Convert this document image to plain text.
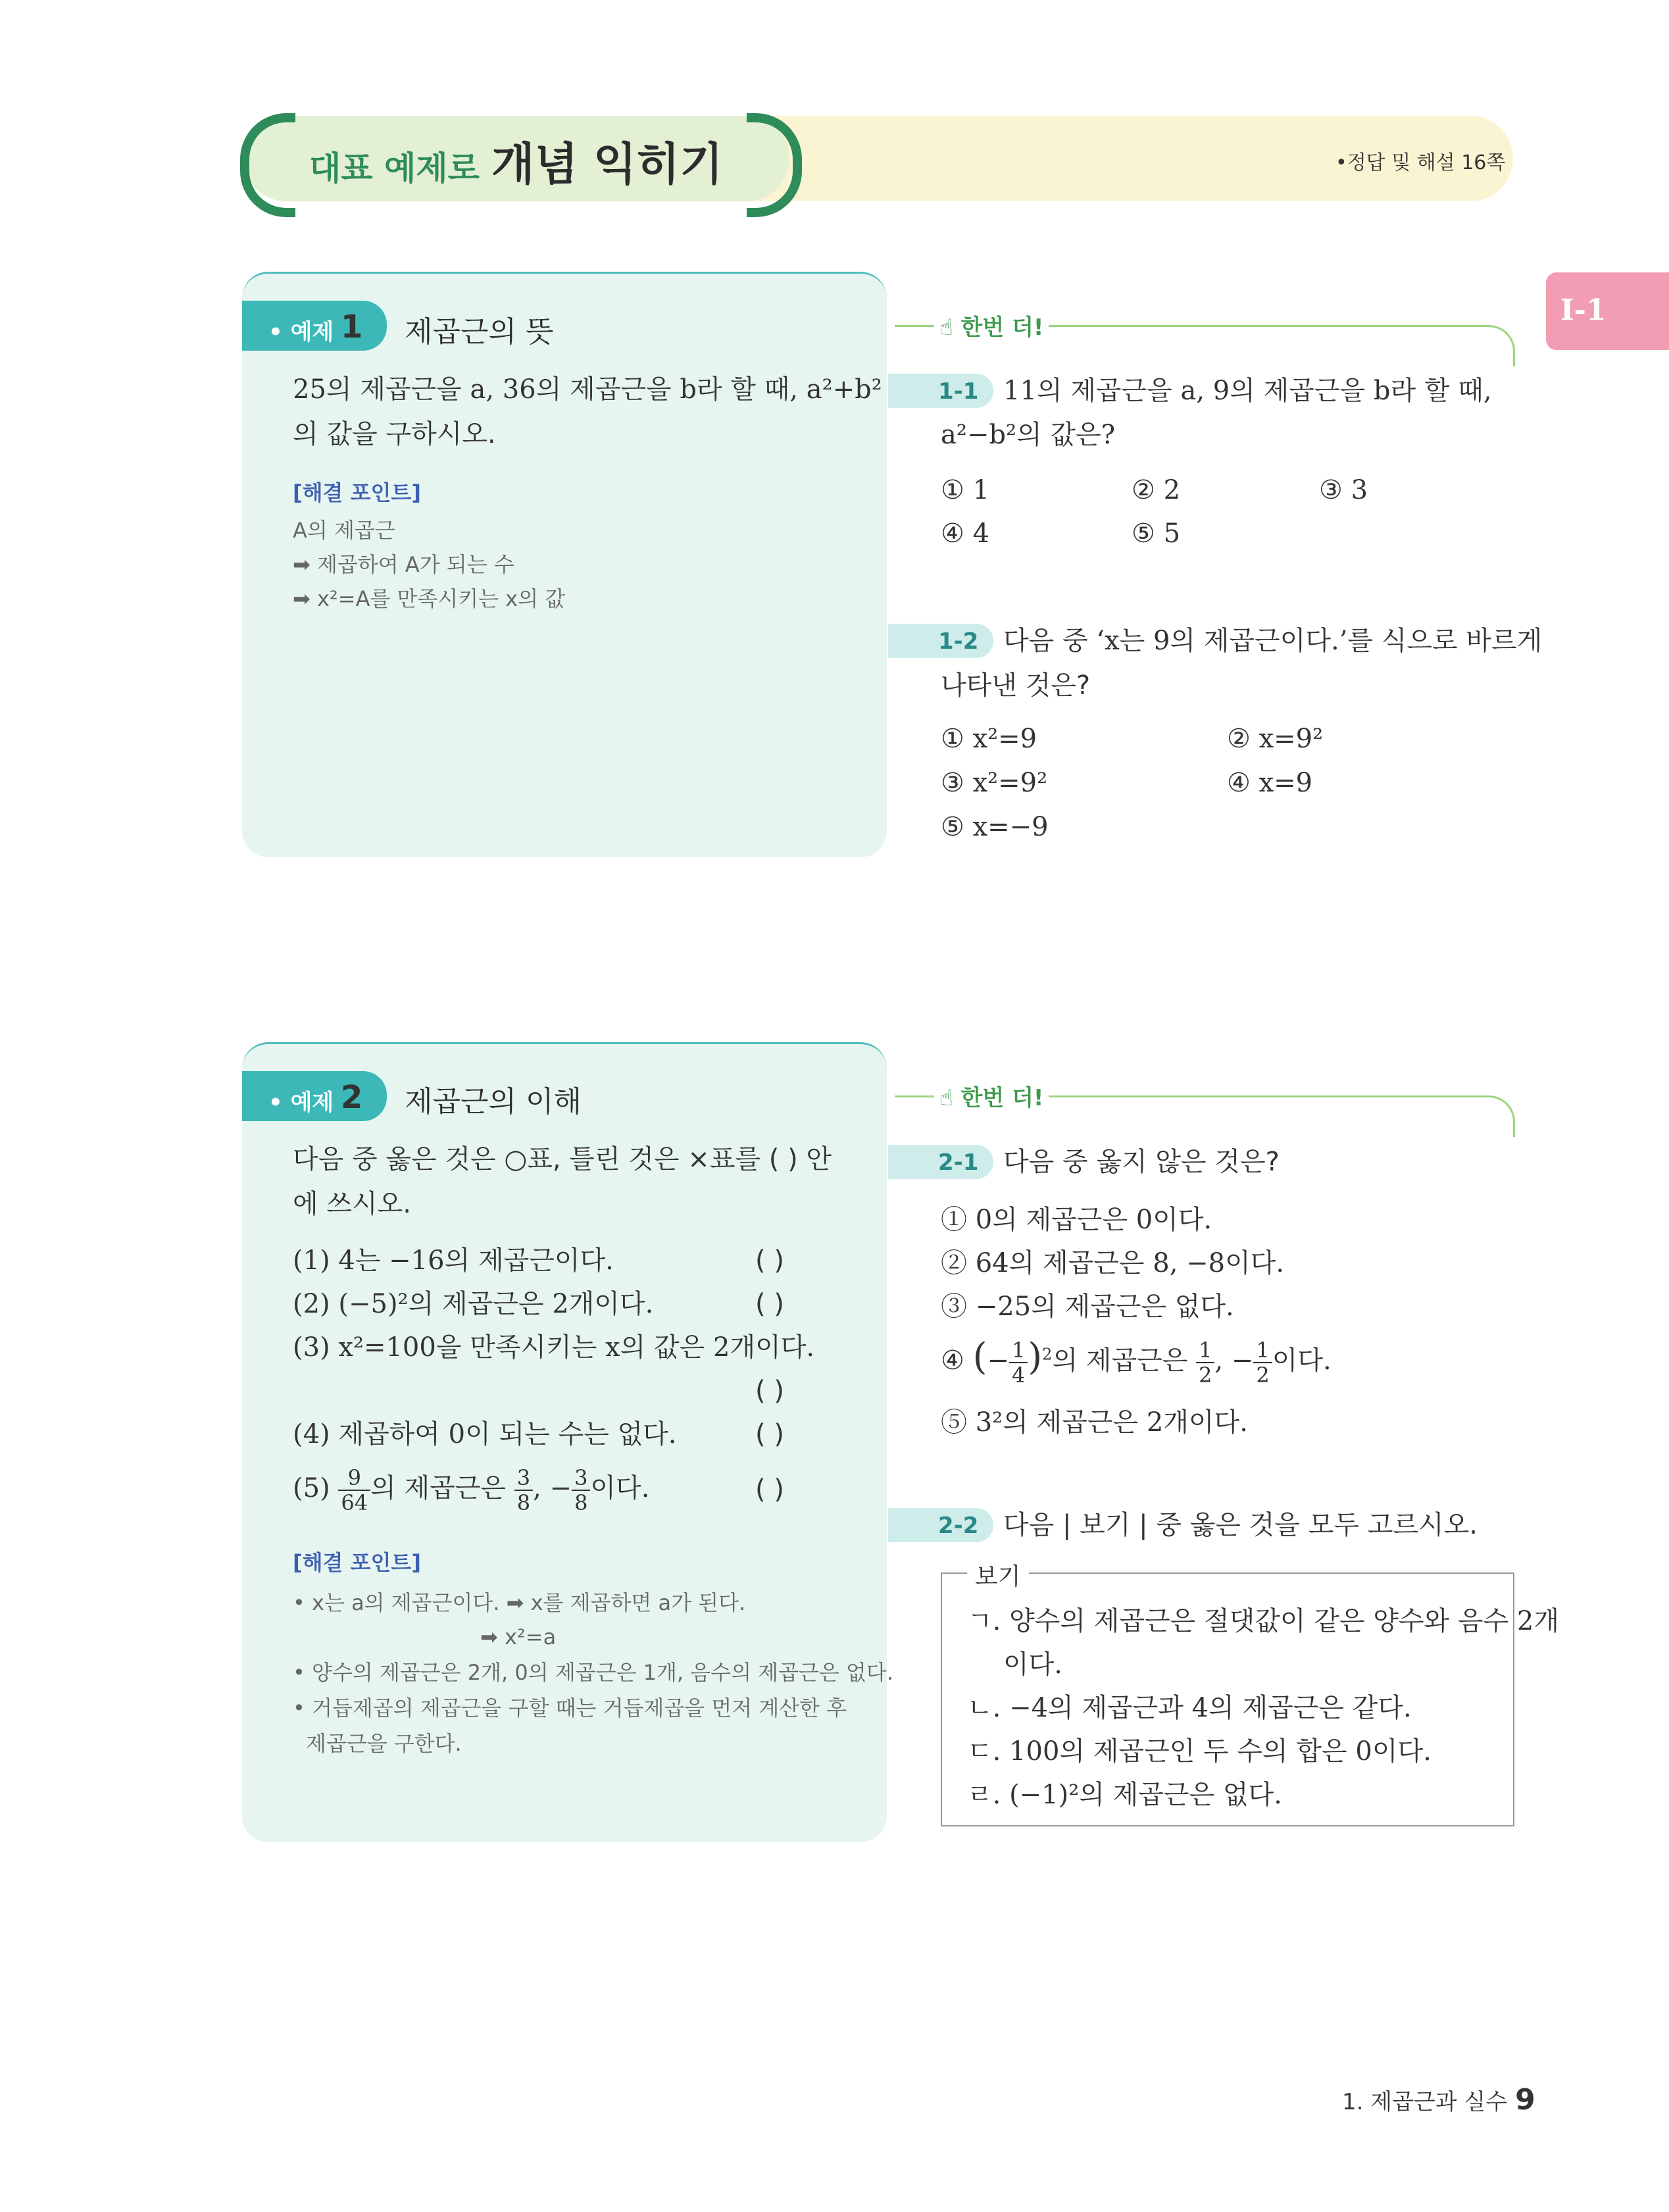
대표 예제로 개념 익히기	•정답 및 해설 16쪽
Ⅰ-1
• 예제 1 제곱근의 뜻
25의 제곱근을 a, 36의 제곱근을 b라 할 때, a²+b²
의 값을 구하시오.
[해결 포인트]
A의 제곱근
➡ 제곱하여 A가 되는 수
➡ x²=A를 만족시키는 x의 값
☝ 한번 더!
1-1 11의 제곱근을 a, 9의 제곱근을 b라 할 때,
a²−b²의 값은?
① 1	② 2	③ 3
④ 4	⑤ 5
1-2 다음 중 ‘x는 9의 제곱근이다.’를 식으로 바르게
나타낸 것은?
① x²=9	② x=9²
③ x²=9²	④ x=9
⑤ x=−9
• 예제 2 제곱근의 이해
다음 중 옳은 것은 ○표, 틀린 것은 ×표를 ( ) 안
에 쓰시오.
(1) 4는 −16의 제곱근이다.	( )
(2) (−5)²의 제곱근은 2개이다.	( )
(3) x²=100을 만족시키는 x의 값은 2개이다.
( )
(4) 제곱하여 0이 되는 수는 없다.	( )
$(5) \frac{9}{64}$ 의 제곱근은 $\frac{3}{8}$ , − $\frac{3}{8}$ 이다.	( )
[해결 포인트]
• x는 a의 제곱근이다. ➡ x를 제곱하면 a가 된다.
➡ x²=a
• 양수의 제곱근은 2개, 0의 제곱근은 1개, 음수의 제곱근은 없다.
• 거듭제곱의 제곱근을 구할 때는 거듭제곱을 먼저 계산한 후
제곱근을 구한다.
☝ 한번 더!
2-1 다음 중 옳지 않은 것은?
① 0의 제곱근은 0이다.
② 64의 제곱근은 8, −8이다.
③ −25의 제곱근은 없다.
④ (− $\frac{1}{4} )^2$의 제곱근은 $\frac{1}{2}$ , − $\frac{1}{2}$ 이다.
⑤ 3²의 제곱근은 2개이다.
2-2 다음 | 보기 | 중 옳은 것을 모두 고르시오.
보기
ㄱ. 양수의 제곱근은 절댓값이 같은 양수와 음수 2개
이다.
ㄴ. −4의 제곱근과 4의 제곱근은 같다.
ㄷ. 100의 제곱근인 두 수의 합은 0이다.
ㄹ. (−1)²의 제곱근은 없다.
1. 제곱근과 실수 9
